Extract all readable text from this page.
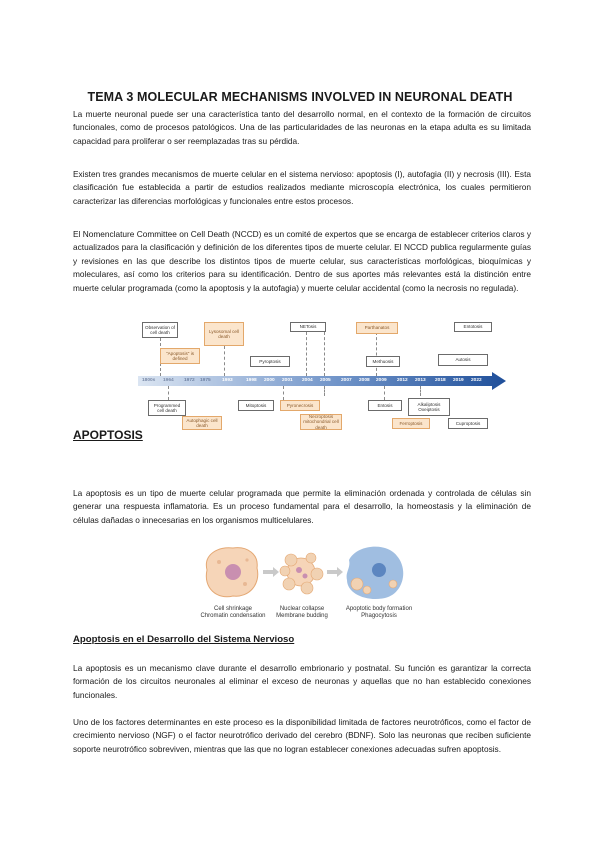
TEMA 3 MOLECULAR MECHANISMS INVOLVED IN NEURONAL DEATH

La muerte neuronal puede ser una característica tanto del desarrollo normal, en el contexto de la formación de circuitos funcionales, como de procesos patológicos. Una de las particularidades de las neuronas en la etapa adulta es su limitada capacidad para proliferar o ser reemplazadas tras su pérdida.

Existen tres grandes mecanismos de muerte celular en el sistema nervioso: apoptosis (I), autofagia (II) y necrosis (III). Esta clasificación fue establecida a partir de estudios realizados mediante microscopía electrónica, los cuales permitieron caracterizar las diferencias morfológicas y funcionales entre estos procesos.

El Nomenclature Committee on Cell Death (NCCD) es un comité de expertos que se encarga de establecer criterios claros y actualizados para la clasificación y definición de los diferentes tipos de muerte celular. El NCCD publica regularmente guías y revisiones en las que describe los distintos tipos de muerte celular, sus características morfológicas, bioquímicas y moleculares, así como los criterios para su identificación. Dentro de sus aportes más relevantes está la distinción entre muerte celular programada (como la apoptosis y la autofagia) y muerte celular accidental (como la necrosis no regulada).

1800s 1964 1972 1975 1993	1998 2000 2001 2004 2005 2007 2008 2009 2012 2013 2018 2019 2022
Observation of cell death	Lysosomal cell death
"Apoptosis" is defined
NETosis	Parthanatos	Entotosis
Pyroptosis	Methuosis	Autosis
Programmed cell death
Mitoptosis	Pyronecrosis	Entosis	Alkaliptosis Oxeiptosis
Autophagic cell death
Necroptosis mitochondrial cell death
Ferroptosis	Cuproptosis
APOPTOSIS

La apoptosis es un tipo de muerte celular programada que permite la eliminación ordenada y controlada de células sin generar una respuesta inflamatoria. Es un proceso fundamental para el desarrollo, la homeostasis y la eliminación de células dañadas o innecesarias en los organismos multicelulares.

Cell shrinkage
Chromatin condensation
Nuclear collapse
Membrane budding
Apoptotic body formation
Phagocytosis
Apoptosis en el Desarrollo del Sistema Nervioso

La apoptosis es un mecanismo clave durante el desarrollo embrionario y postnatal. Su función es garantizar la correcta formación de los circuitos neuronales al eliminar el exceso de neuronas y aquellas que no han establecido conexiones funcionales.

Uno de los factores determinantes en este proceso es la disponibilidad limitada de factores neurotróficos, como el factor de crecimiento nervioso (NGF) o el factor neurotrófico derivado del cerebro (BDNF). Solo las neuronas que reciben suficiente soporte neurotrófico sobreviven, mientras que las que no logran establecer conexiones adecuadas sufren apoptosis.
